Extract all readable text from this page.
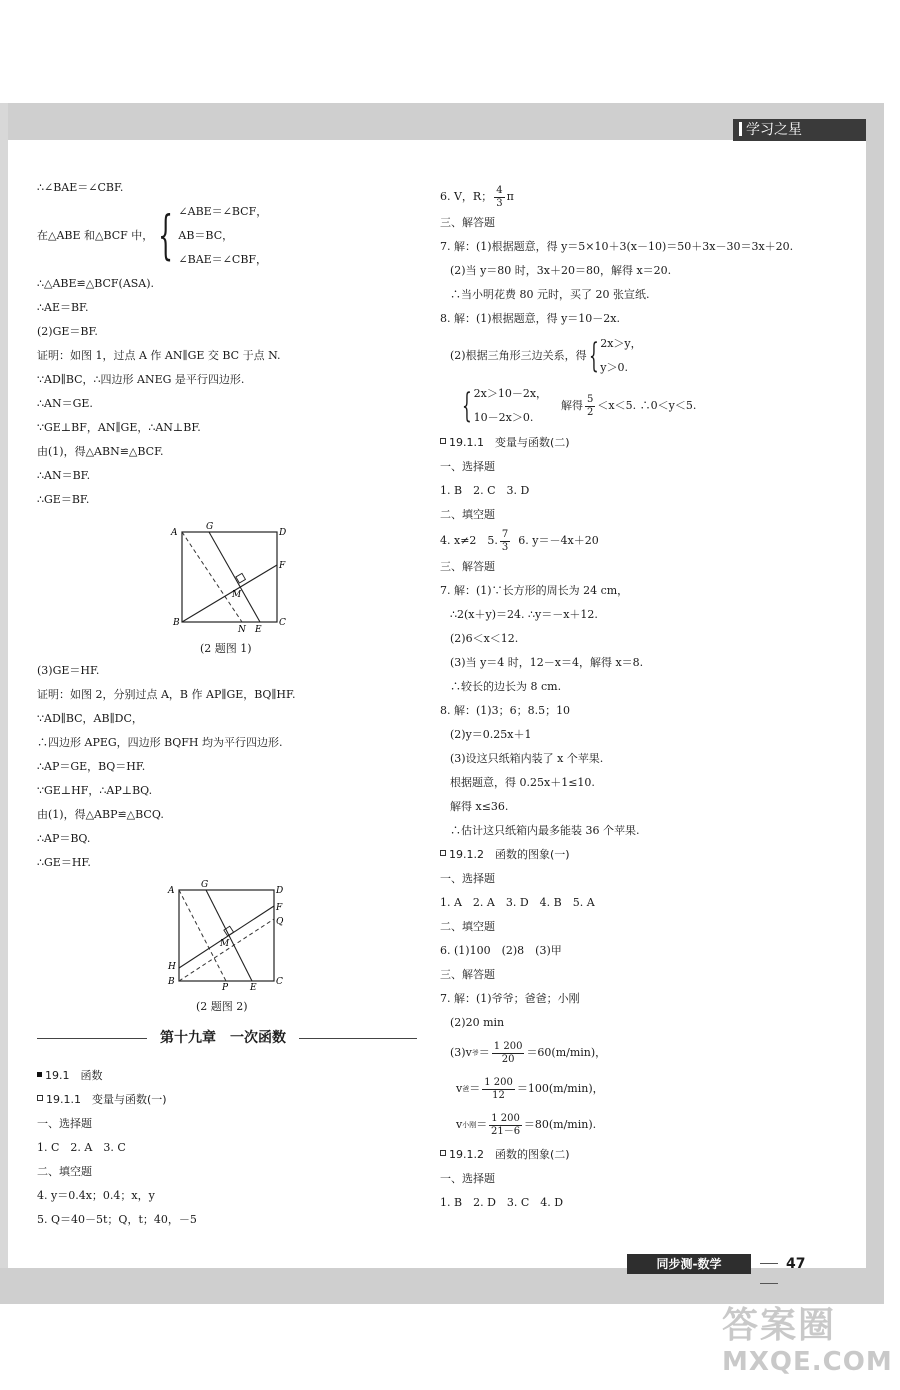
学习之星
同步测-数学	47
答案圈
MXQE.COM
∴∠BAE＝∠CBF.
在△ABE 和△BCF 中， { ∠ABE＝∠BCF，
AB＝BC，
∠BAE＝∠CBF，
∴△ABE≌△BCF(ASA).
∴AE＝BF.
(2)GE＝BF.
证明：如图 1，过点 A 作 AN∥GE 交 BC 于点 N.
∵AD∥BC，∴四边形 ANEG 是平行四边形.
∴AN＝GE.
∵GE⊥BF，AN∥GE，∴AN⊥BF.
由(1)，得△ABN≌△BCF.
∴AN＝BF.
∴GE＝BF.
A
G
D
F
M
B
N E
C
(2 题图 1)
(3)GE＝HF.
证明：如图 2，分别过点 A，B 作 AP∥GE，BQ∥HF.
∵AD∥BC，AB∥DC，
∴四边形 APEG，四边形 BQFH 均为平行四边形.
∴AP＝GE，BQ＝HF.
∵GE⊥HF，∴AP⊥BQ.
由(1)，得△ABP≌△BCQ.
∴AP＝BQ.
∴GE＝HF.
A
G
D
F
Q
M
H
B
P E
C
(2 题图 2)
第十九章　一次函数
19.1　函数
19.1.1　变量与函数(一)
一、选择题
1. C　2. A　3. C
二、填空题
4. y＝0.4x；0.4；x，y
5. Q＝40－5t；Q，t；40，－5
6. V，R； $\frac{4}{3}$ π
三、解答题
7. 解：(1)根据题意，得 y＝5×10＋3(x－10)＝50＋3x－30＝3x＋20.
(2)当 y＝80 时，3x＋20＝80，解得 x＝20.
∴当小明花费 80 元时，买了 20 张宣纸.
8. 解：(1)根据题意，得 y＝10－2x.
(2)根据三角形三边关系，得 { 2x＞y，
y＞0.
{ 2x＞10－2x，
10－2x＞0.
解得 $\frac{5}{2} <x<5$. ∴0＜y＜5.
19.1.1　变量与函数(二)
一、选择题
1. B　2. C　3. D
二、填空题
4. x≠2　5. $\frac{7}{3} 6$. y＝－4x＋20
三、解答题
7. 解：(1)∵长方形的周长为 24 cm，
∴2(x＋y)＝24. ∴y＝－x＋12.
(2)6＜x＜12.
(3)当 y＝4 时，12－x＝4，解得 x＝8.
∴较长的边长为 8 cm.
8. 解：(1)3；6；8.5；10
(2)y＝0.25x＋1
(3)设这只纸箱内装了 x 个苹果.
根据题意，得 0.25x＋1≤10.
解得 x≤36.
∴估计这只纸箱内最多能装 36 个苹果.
19.1.2　函数的图象(一)
一、选择题
1. A　2. A　3. D　4. B　5. A
二、填空题
6. (1)100　(2)8　(3)甲
三、解答题
7. 解：(1)爷爷；爸爸；小刚
(2)20 min
(3)v 爷 ＝ $\frac{1 200}{20} =60(m/\min)$，
v 爸 ＝ $\frac{1 200}{12} =100(m/\min)$，
v 小刚 ＝ $\frac{1 200}{21-6} =80(m/\min)$.
19.1.2　函数的图象(二)
一、选择题
1. B　2. D　3. C　4. D
